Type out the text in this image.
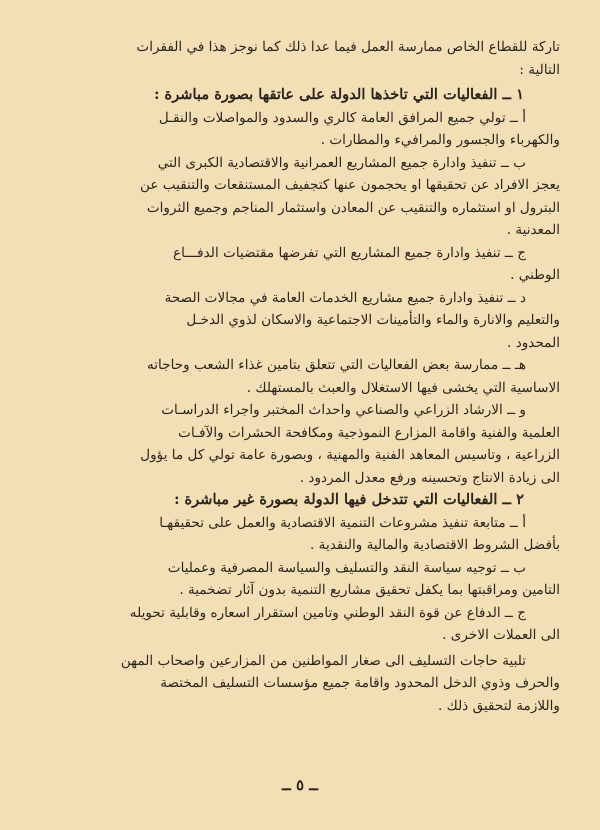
تاركة للقطاع الخاص ممارسة العمل فيما عدا ذلك كما نوجز هذا في الفقرات
التالية :
١ ــ الفعاليات التي تاخذها الدولة على عاتقها بصورة مباشرة :
أ ــ تولي جميع المرافق العامة كالري والسدود والمواصلات والنقـل
والكهرباء والجسور والمرافيء والمطارات .
ب ــ تنفيذ وادارة جميع المشاريع العمرانية والاقتصادية الكبرى التي
يعجز الافراد عن تحقيقها او يحجمون عنها كتجفيف المستنقعات والتنقيب عن
البترول او استثماره والتنقيب عن المعادن واستثمار المناجم وجميع الثروات
المعدنية .
ج ــ تنفيذ وادارة جميع المشاريع التي تفرضها مقتضيات الدفـــاع
الوطني .
د ــ تنفيذ وادارة جميع مشاريع الخدمات العامة في مجالات الصحة
والتعليم والانارة والماء والتأمينات الاجتماعية والاسكان لذوي الدخـل
المحدود .
هـ ــ ممارسة بعض الفعاليات التي تتعلق بتامين غذاء الشعب وحاجاته
الاساسية التي يخشى فيها الاستغلال والعبث بالمستهلك .
و ــ الارشاد الزراعي والصناعي واحداث المختبر واجراء الدراسـات
العلمية والفنية واقامة المزارع النموذجية ومكافحة الحشرات والآفـات
الزراعية ، وتاسيس المعاهد الفنية والمهنية ، وبصورة عامة تولي كل ما يؤول
الى زيادة الانتاج وتحسينه ورفع معدل المردود .
٢ ــ الفعاليات التي تتدخل فيها الدولة بصورة غير مباشرة :
أ ــ متابعة تنفيذ مشروعات التنمية الاقتصادية والعمل على تحقيقهـا
بأفضل الشروط الاقتصادية والمالية والنقدية .
ب ــ توجيه سياسة النقد والتسليف والسياسة المصرفية وعمليات
التامين ومراقبتها بما يكفل تحقيق مشاريع التنمية بدون آثار تضخمية .
ج ــ الدفاع عن قوة النقد الوطني وتامين استقرار اسعاره وقابلية تحويله
الى العملات الاخرى .
تلبية حاجات التسليف الى صغار المواطنين من المزارعين واصحاب المهن
والحرف وذوي الدخل المحدود واقامة جميع مؤسسات التسليف المختصة
واللازمة لتحقيق ذلك .
ــ ٥ ــ
